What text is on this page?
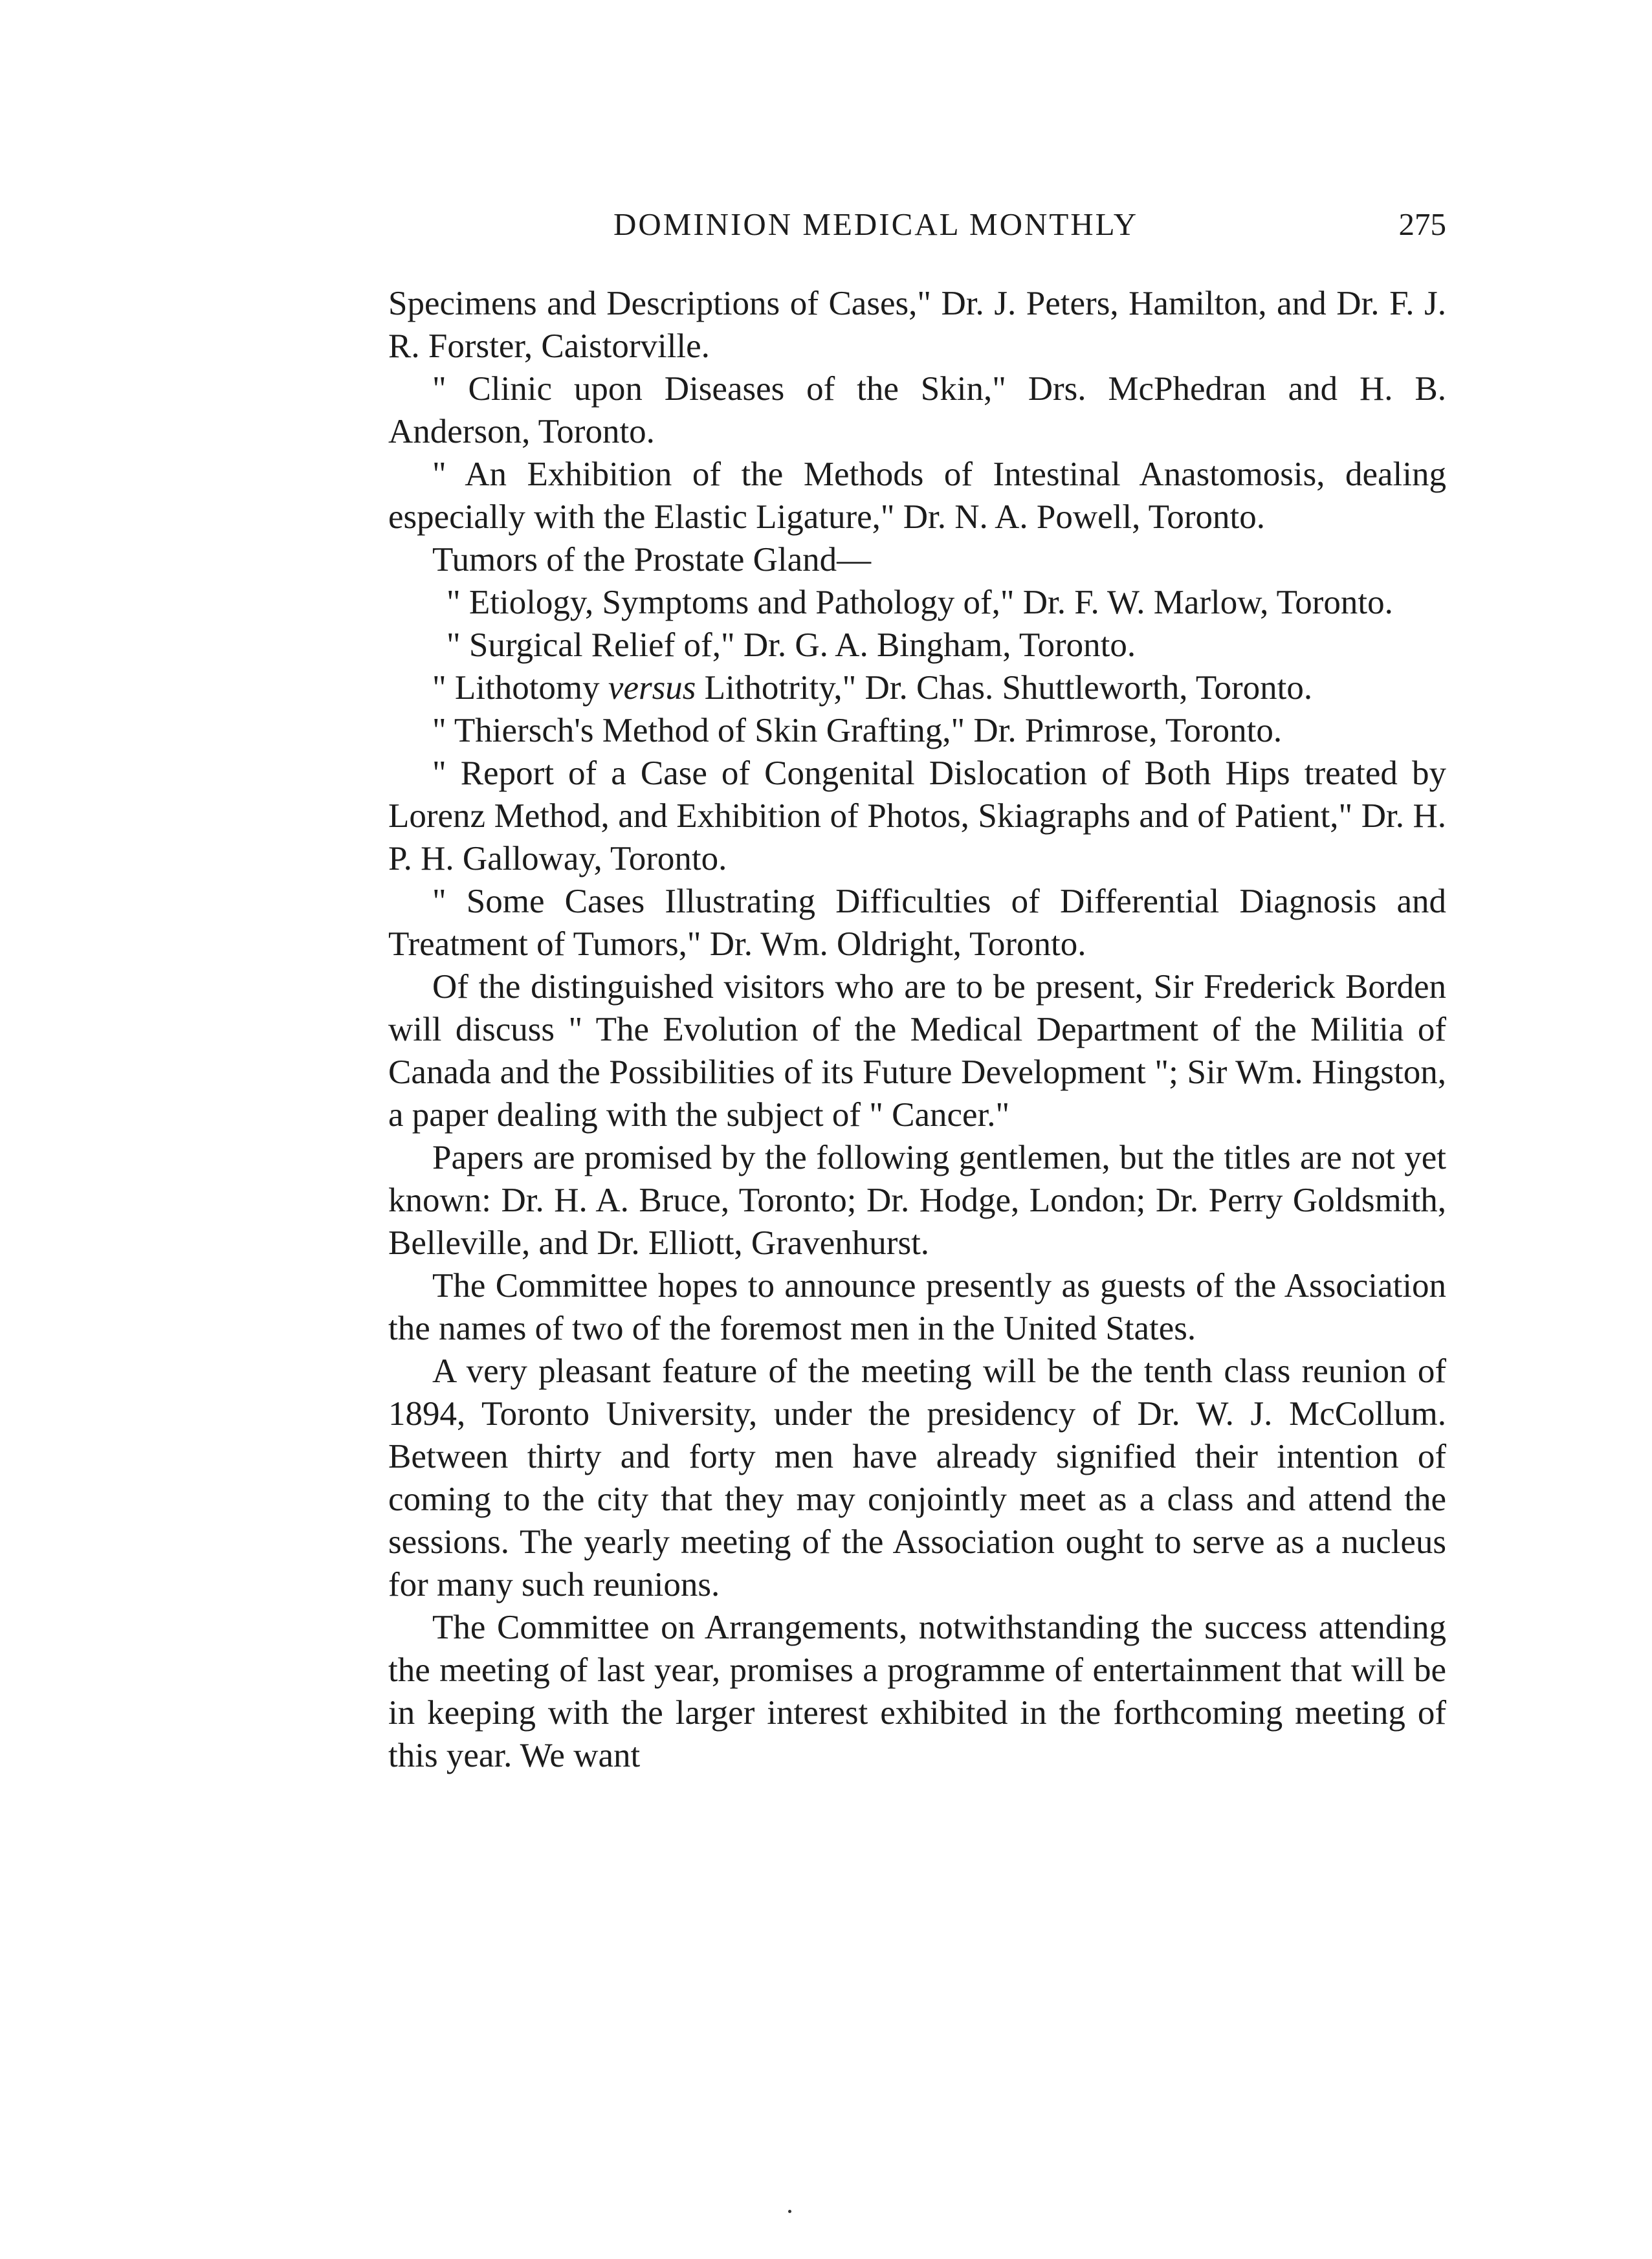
DOMINION MEDICAL MONTHLY	275

Specimens and Descriptions of Cases," Dr. J. Peters, Hamilton, and Dr. F. J. R. Forster, Caistorville.

" Clinic upon Diseases of the Skin," Drs. McPhedran and H. B. Anderson, Toronto.

" An Exhibition of the Methods of Intestinal Anastomosis, dealing especially with the Elastic Ligature," Dr. N. A. Powell, Toronto.

Tumors of the Prostate Gland—

" Etiology, Symptoms and Pathology of," Dr. F. W. Marlow, Toronto.

" Surgical Relief of," Dr. G. A. Bingham, Toronto.

" Lithotomy versus Lithotrity," Dr. Chas. Shuttleworth, Toronto.

" Thiersch's Method of Skin Grafting," Dr. Primrose, Toronto.

" Report of a Case of Congenital Dislocation of Both Hips treated by Lorenz Method, and Exhibition of Photos, Skiagraphs and of Patient," Dr. H. P. H. Galloway, Toronto.

" Some Cases Illustrating Difficulties of Differential Diagnosis and Treatment of Tumors," Dr. Wm. Oldright, Toronto.

Of the distinguished visitors who are to be present, Sir Frederick Borden will discuss " The Evolution of the Medical Department of the Militia of Canada and the Possibilities of its Future Development "; Sir Wm. Hingston, a paper dealing with the subject of " Cancer."

Papers are promised by the following gentlemen, but the titles are not yet known: Dr. H. A. Bruce, Toronto; Dr. Hodge, London; Dr. Perry Goldsmith, Belleville, and Dr. Elliott, Gravenhurst.

The Committee hopes to announce presently as guests of the Association the names of two of the foremost men in the United States.

A very pleasant feature of the meeting will be the tenth class reunion of 1894, Toronto University, under the presidency of Dr. W. J. McCollum. Between thirty and forty men have already signified their intention of coming to the city that they may conjointly meet as a class and attend the sessions. The yearly meeting of the Association ought to serve as a nucleus for many such reunions.

The Committee on Arrangements, notwithstanding the success attending the meeting of last year, promises a programme of entertainment that will be in keeping with the larger interest exhibited in the forthcoming meeting of this year. We want
